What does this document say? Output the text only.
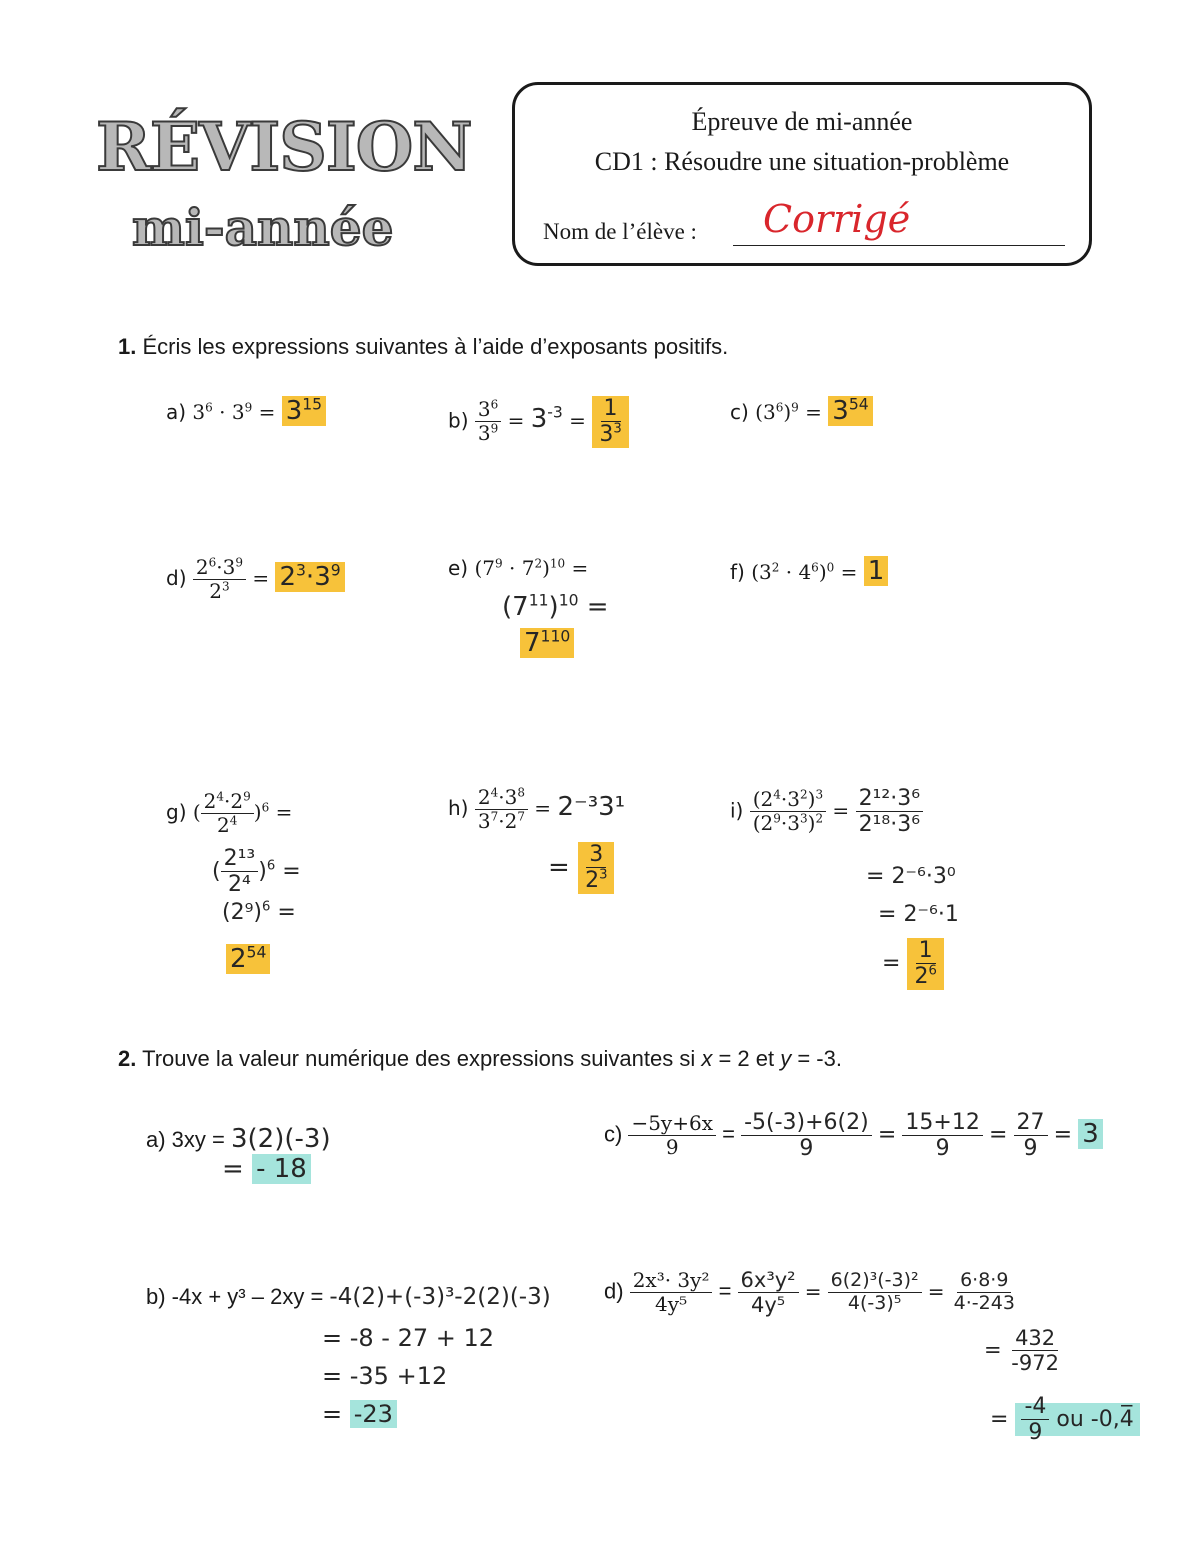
RÉVISION
mi-année
Épreuve de mi-année
CD1 : Résoudre une situation-problème
Nom de l’élève : Corrigé
1. Écris les expressions suivantes à l’aide d’exposants positifs.
a) $3^6 \cdot 3^9 = 3^{15}$
$b) \frac{3^6}{3^9} = 3^{-3} = \frac{1}{3^3}$	c) $(3^6)^9 = 3^{54}$
$d) \frac{2^6\cdot 3^9}{2^3} = 2^3\cdot 3^9$	e) $(7^9 \cdot 7^2)^{10}$ =
$(7^{11})^{10}$ =
$7^{110}$
f) $(3^2 \cdot 4^6)^0 = 1$
g) ( $\frac{2^4\cdot 2^9}{2^4} )^6$ =
( $\frac{\text{2¹³}}{\text{2⁴}} )^6$ =
$(2^9)^6$ =
$2^{54}$
$h) \frac{2^4\cdot 3^8}{3^7\cdot 2^7} = 2^{-3}3^1$
= $\frac{3}{2^3}$
$i) \frac{(2^4\cdot 3^2)^3}{(2^9\cdot 3^3)^2} = \frac{\text{2¹²·3⁶}}{\text{2¹⁸·3⁶}}$
= 2⁻⁶·3⁰
= 2⁻⁶·1
= $\frac{1}{2^6}$
2. Trouve la valeur numérique des expressions suivantes si x = 2 et y = -3.
a) 3xy = 3(2)(-3)
= - 18
$c) \frac{-5y+6x}{9} = \frac{-5(-3)+6(2)}{9} = \frac{15+12}{9} = \frac{27}{9} = 3$
b) -4x + y³ – 2xy = -4(2)+(-3)³-2(2)(-3)
= -8 - 27 + 12
= -35 +12
= -23
$d) \frac{\text{2x³· 3y²}}{\text{4y⁵}} = \frac{\text{6x³y²}}{\text{4y⁵}} = \frac{\text{6(2)³(-3)²}}{\text{4(-3)⁵}} = \frac{6\cdot 8\cdot 9}{4\cdot-243}$
= $\frac{432}{-972}$
= $\frac{-4}{9}$ ou -0,4̅
